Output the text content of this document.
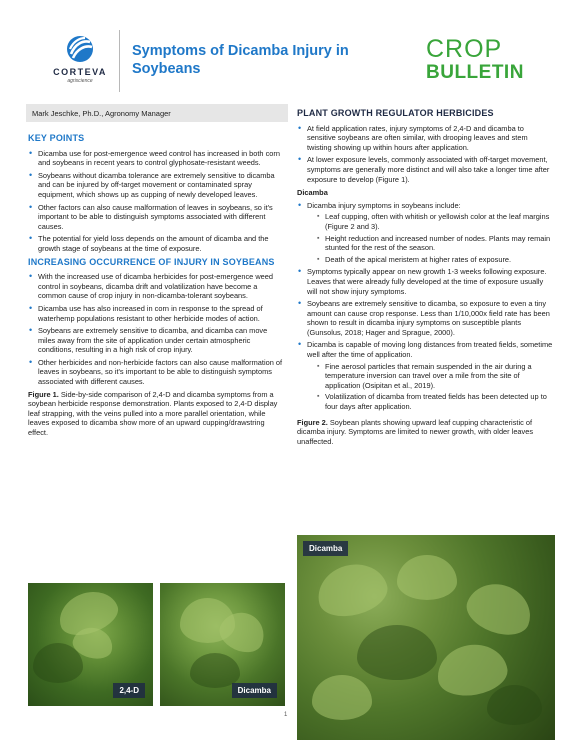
CORTEVA
agriscience
Symptoms of Dicamba Injury in Soybeans
CROP
BULLETIN
Mark Jeschke, Ph.D., Agronomy Manager
KEY POINTS
• Dicamba use for post-emergence weed control has increased in both corn and soybeans in recent years to control glyphosate-resistant weeds.
• Soybeans without dicamba tolerance are extremely sensitive to dicamba and can be injured by off-target movement or contaminated spray equipment, which shows up as cupping of newly developed leaves.
• Other factors can also cause malformation of leaves in soybeans, so it's important to be able to distinguish symptoms associated with different causes.
• The potential for yield loss depends on the amount of dicamba and the growth stage of soybeans at the time of exposure.
INCREASING OCCURRENCE OF INJURY IN SOYBEANS
• With the increased use of dicamba herbicides for post-emergence weed control in soybeans, dicamba drift and volatilization have become a common cause of crop injury in non-dicamba-tolerant soybeans.
• Dicamba use has also increased in corn in response to the spread of waterhemp populations resistant to other herbicide modes of action.
• Soybeans are extremely sensitive to dicamba, and dicamba can move miles away from the site of application under certain atmospheric conditions, resulting in a high risk of crop injury.
• Other herbicides and non-herbicide factors can also cause malformation of leaves in soybeans, so it's important to be able to distinguish symptoms associated with different causes.

Figure 1. Side-by-side comparison of 2,4-D and dicamba symptoms from a soybean herbicide response demonstration. Plants exposed to 2,4-D display leaf strapping, with the veins pulled into a more parallel orientation, while leaves exposed to dicamba show more of an upward cupping/drawstring effect.

2,4-D	Dicamba
PLANT GROWTH REGULATOR HERBICIDES
• At field application rates, injury symptoms of 2,4-D and dicamba to sensitive soybeans are often similar, with drooping leaves and stem twisting showing up within hours after application.
• At lower exposure levels, commonly associated with off-target movement, symptoms are generally more distinct and will also take a longer time after exposure to develop (Figure 1).
Dicamba
• Dicamba injury symptoms in soybeans include:
▪ Leaf cupping, often with whitish or yellowish color at the leaf margins (Figure 2 and 3).
▪ Height reduction and increased number of nodes. Plants may remain stunted for the rest of the season.
▪ Death of the apical meristem at higher rates of exposure.
• Symptoms typically appear on new growth 1-3 weeks following exposure. Leaves that were already fully developed at the time of exposure usually will not show injury symptoms.
• Soybeans are extremely sensitive to dicamba, so exposure to even a tiny amount can cause crop response. Less than 1/10,000x field rate has been shown to result in dicamba injury symptoms on susceptible plants (Gunsolus, 2018; Hager and Sprague, 2000).
• Dicamba is capable of moving long distances from treated fields, sometime well after the time of application.
▪ Fine aerosol particles that remain suspended in the air during a temperature inversion can travel over a mile from the site of application (Osipitan et al., 2019).
▪ Volatilization of dicamba from treated fields has been detected up to four days after application.

Figure 2. Soybean plants showing upward leaf cupping characteristic of dicamba injury. Symptoms are limited to newer growth, with older leaves unaffected.

Dicamba
1
